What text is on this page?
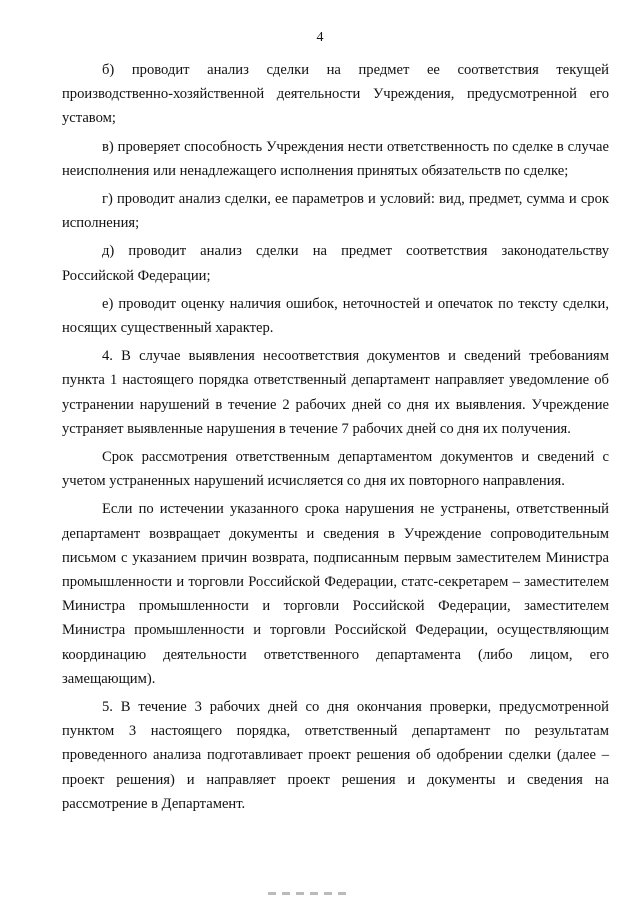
4

б) проводит анализ сделки на предмет ее соответствия текущей производственно-хозяйственной деятельности Учреждения, предусмотренной его уставом;

в) проверяет способность Учреждения нести ответственность по сделке в случае неисполнения или ненадлежащего исполнения принятых обязательств по сделке;

г) проводит анализ сделки, ее параметров и условий: вид, предмет, сумма и срок исполнения;

д) проводит анализ сделки на предмет соответствия законодательству Российской Федерации;

е) проводит оценку наличия ошибок, неточностей и опечаток по тексту сделки, носящих существенный характер.

4. В случае выявления несоответствия документов и сведений требованиям пункта 1 настоящего порядка ответственный департамент направляет уведомление об устранении нарушений в течение 2 рабочих дней со дня их выявления. Учреждение устраняет выявленные нарушения в течение 7 рабочих дней со дня их получения.

Срок рассмотрения ответственным департаментом документов и сведений с учетом устраненных нарушений исчисляется со дня их повторного направления.

Если по истечении указанного срока нарушения не устранены, ответственный департамент возвращает документы и сведения в Учреждение сопроводительным письмом с указанием причин возврата, подписанным первым заместителем Министра промышленности и торговли Российской Федерации, статс-секретарем – заместителем Министра промышленности и торговли Российской Федерации, заместителем Министра промышленности и торговли Российской Федерации, осуществляющим координацию деятельности ответственного департамента (либо лицом, его замещающим).

5. В течение 3 рабочих дней со дня окончания проверки, предусмотренной пунктом 3 настоящего порядка, ответственный департамент по результатам проведенного анализа подготавливает проект решения об одобрении сделки (далее – проект решения) и направляет проект решения и документы и сведения на рассмотрение в Департамент.
